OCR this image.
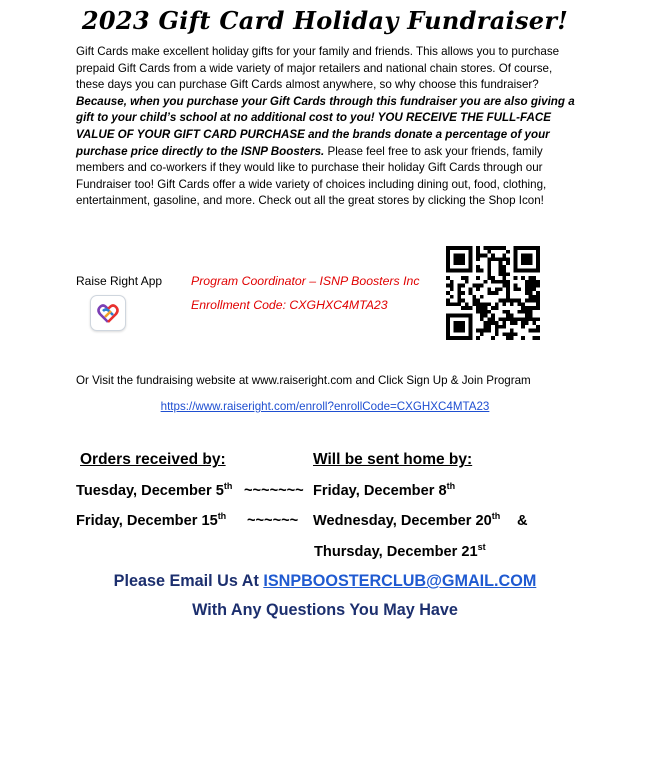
2023 Gift Card Holiday Fundraiser!
Gift Cards make excellent holiday gifts for your family and friends. This allows you to purchase prepaid Gift Cards from a wide variety of major retailers and national chain stores. Of course, these days you can purchase Gift Cards almost anywhere, so why choose this fundraiser? Because, when you purchase your Gift Cards through this fundraiser you are also giving a gift to your child’s school at no additional cost to you! YOU RECEIVE THE FULL-FACE VALUE OF YOUR GIFT CARD PURCHASE and the brands donate a percentage of your purchase price directly to the ISNP Boosters. Please feel free to ask your friends, family members and co-workers if they would like to purchase their holiday Gift Cards through our Fundraiser too! Gift Cards offer a wide variety of choices including dining out, food, clothing, entertainment, gasoline, and more. Check out all the great stores by clicking the Shop Icon!
Raise Right App Program Coordinator – ISNP Boosters Inc
Enrollment Code: CXGHXC4MTA23
Or Visit the fundraising website at www.raiseright.com and Click Sign Up & Join Program
https://www.raiseright.com/enroll?enrollCode=CXGHXC4MTA23
Orders received by:	Will be sent home by:
Tuesday, December 5th ~~~~~~~ Friday, December 8th
Friday, December 15th ~~~~~~ Wednesday, December 20th &
Thursday, December 21st
Please Email Us At ISNPBOOSTERCLUB@GMAIL.COM
With Any Questions You May Have
